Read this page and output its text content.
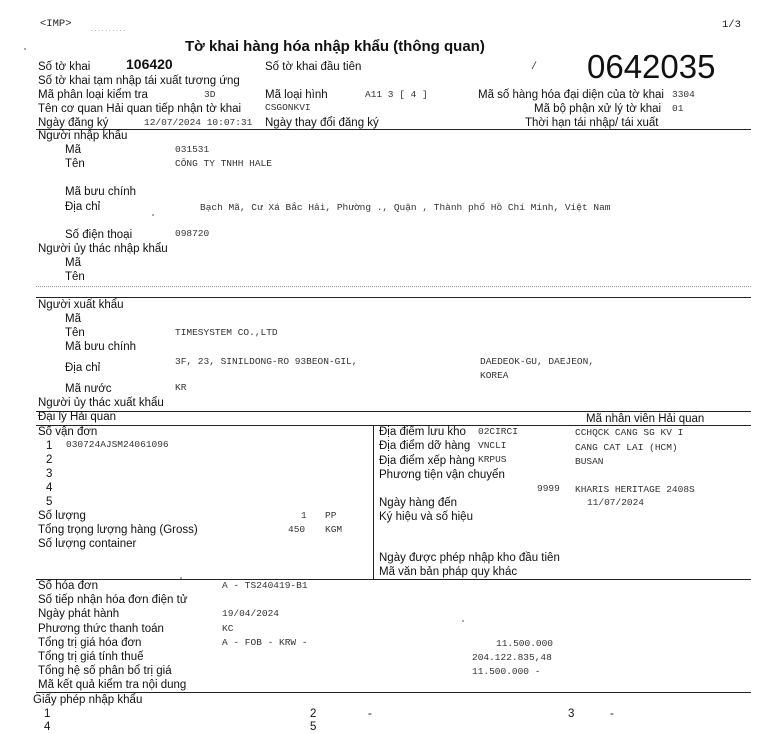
<IMP>	..........	1/3
Tờ khai hàng hóa nhập khẩu (thông quan)
/ 0642035
Số tờ khai	106420	Số tờ khai đầu tiên
Số tờ khai tạm nhập tái xuất tương ứng
Mã phân loại kiểm tra	3D	Mã loại hình	A11 3 [ 4 ]	Mã số hàng hóa đại diện của tờ khai 3304
Tên cơ quan Hải quan tiếp nhận tờ khai	CSGONKVI	Mã bộ phận xử lý tờ khai 01
Ngày đăng ký	12/07/2024 10:07:31 Ngày thay đổi đăng ký	Thời hạn tái nhập/ tái xuất
Người nhập khẩu
Mã	031531
Tên	CÔNG TY TNHH HALE
Mã bưu chính
Địa chỉ	Bạch Mã, Cư Xá Bắc Hải, Phường ., Quận , Thành phố Hồ Chí Minh, Việt Nam
Số điện thoại	098720
Người ủy thác nhập khẩu
Mã
Tên
Người xuất khẩu
Mã
Tên	TIMESYSTEM CO.,LTD
Mã bưu chính
Địa chỉ
3F, 23, SINILDONG-RO 93BEON-GIL,	DAEDEOK-GU, DAEJEON,
KOREA
Mã nước	KR
Người ủy thác xuất khẩu
Đại lý Hải quan	Mã nhân viên Hải quan
Số vận đơn
1 030724AJSM24061096
2
3
4
5
Số lượng	1 PP
Tổng trọng lượng hàng (Gross)	450 KGM
Số lượng container
Địa điểm lưu kho 02CIRCI	CCHQCK CANG SG KV I
Địa điểm dỡ hàng VNCLI	CANG CAT LAI (HCM)
Địa điểm xếp hàng KRPUS	BUSAN
Phương tiện vận chuyển
9999 KHARIS HERITAGE 2408S
Ngày hàng đến	11/07/2024
Ký hiệu và số hiệu
Ngày được phép nhập kho đầu tiên
Mã văn bản pháp quy khác
Số hóa đơn	A - TS240419-B1
Số tiếp nhận hóa đơn điện tử
Ngày phát hành	19/04/2024
Phương thức thanh toán	KC
Tổng trị giá hóa đơn	A - FOB - KRW -	11.500.000
Tổng trị giá tính thuế	204.122.835,48
Tổng hệ số phân bổ trị giá	11.500.000 -
Mã kết quả kiểm tra nội dung
Giấy phép nhập khẩu
1	2	-	3	-
4	5
